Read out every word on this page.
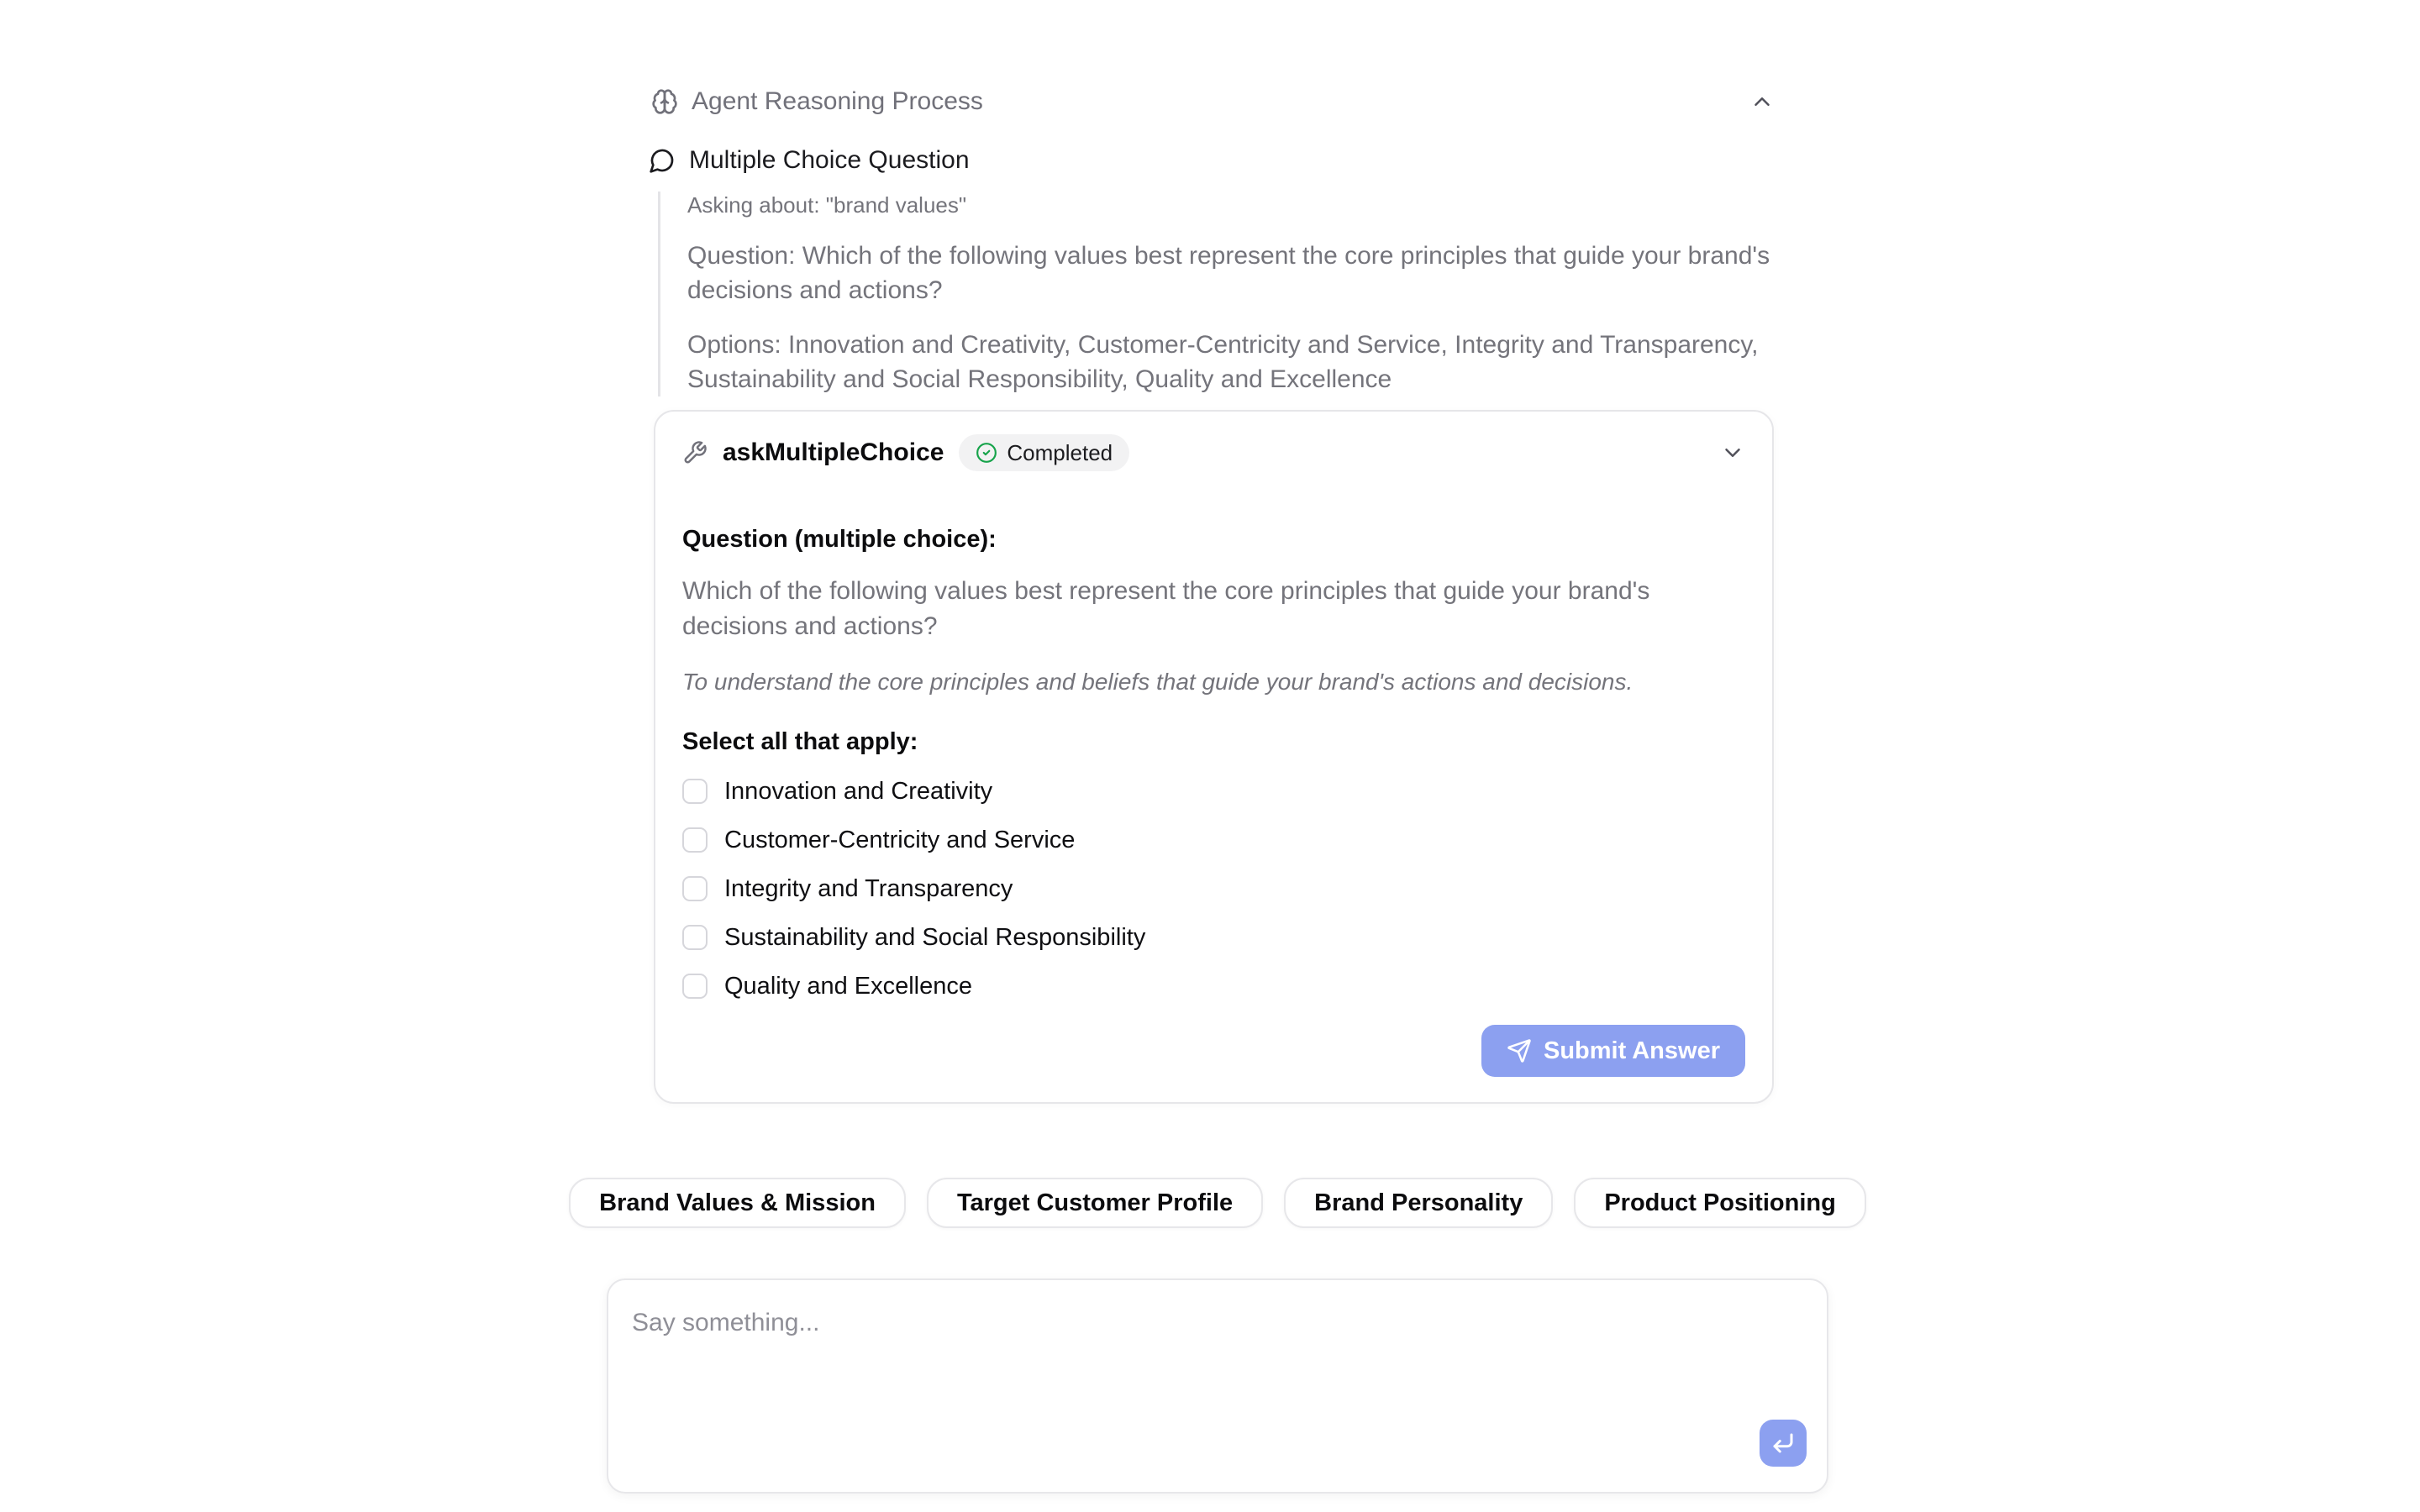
Agent Reasoning Process
Multiple Choice Question

Asking about: "brand values"

Question: Which of the following values best represent the core principles that guide your brand's decisions and actions?

Options: Innovation and Creativity, Customer-Centricity and Service, Integrity and Transparency, Sustainability and Social Responsibility, Quality and Excellence

askMultipleChoice	Completed

Question (multiple choice):

Which of the following values best represent the core principles that guide your brand's decisions and actions?

To understand the core principles and beliefs that guide your brand's actions and decisions.

Select all that apply:

Innovation and Creativity
Customer-Centricity and Service
Integrity and Transparency
Sustainability and Social Responsibility
Quality and Excellence
Submit Answer
Brand Values & Mission	Target Customer Profile	Brand Personality	Product Positioning
Say something...
